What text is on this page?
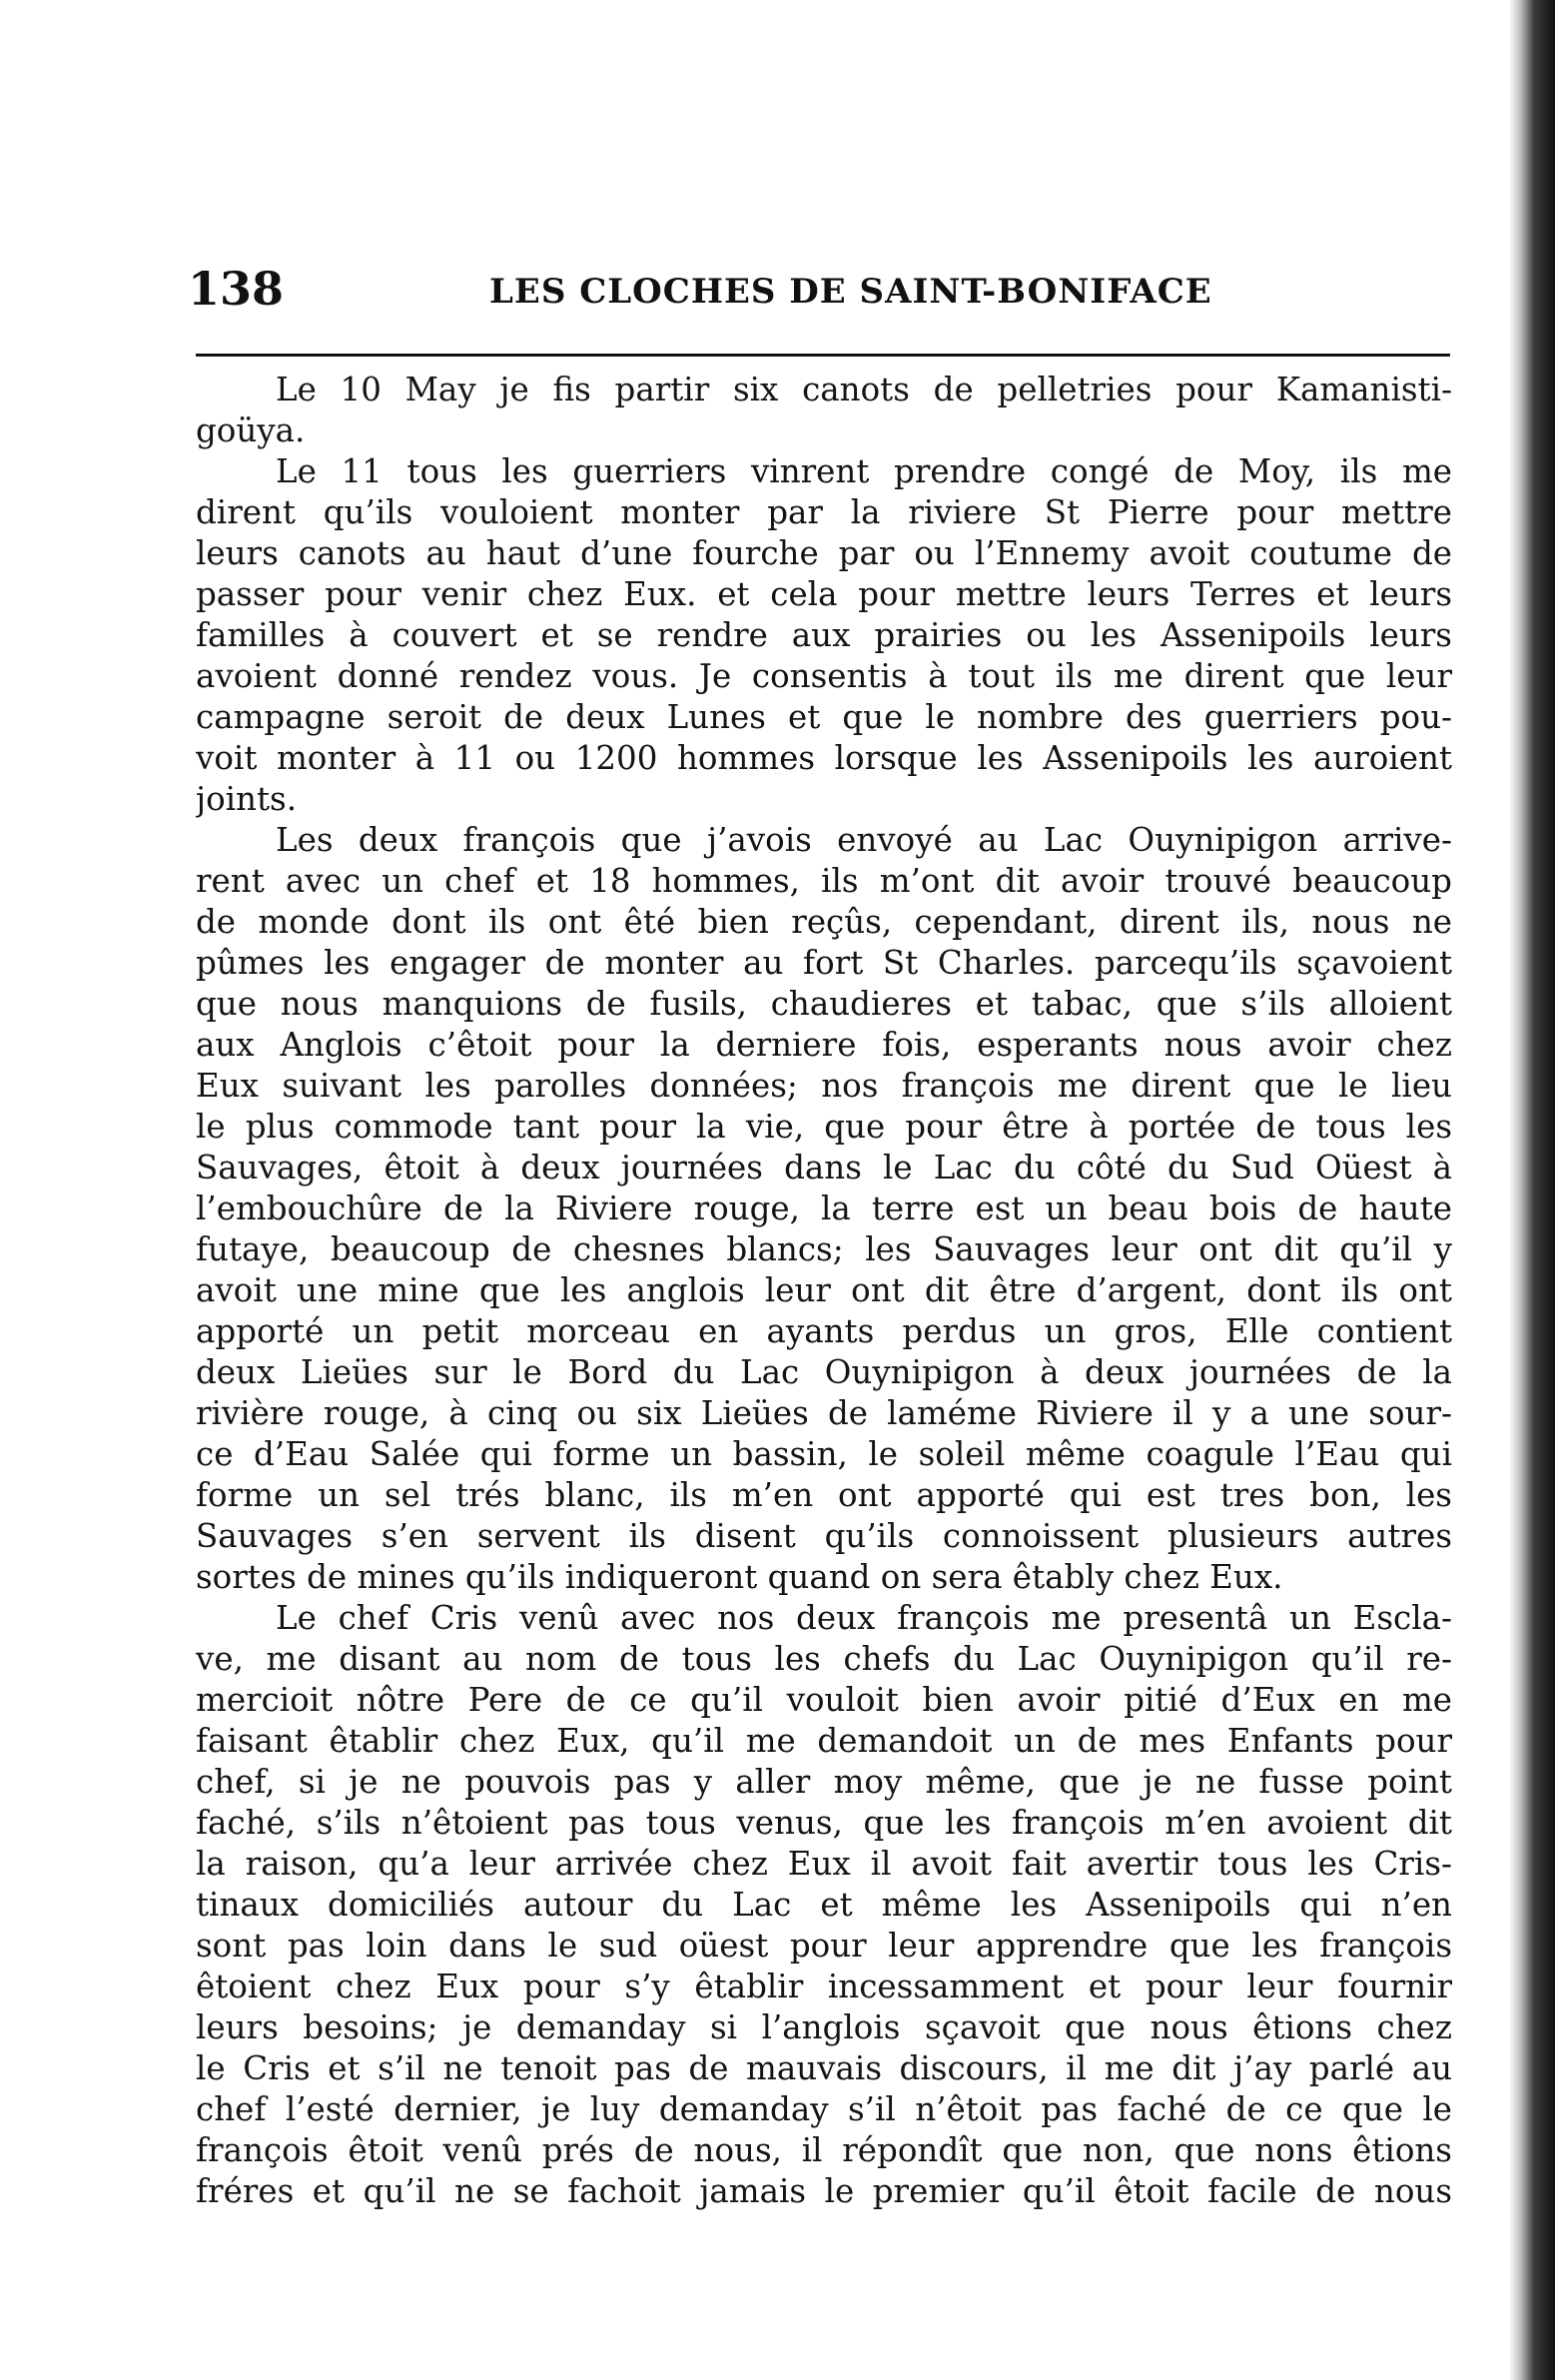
138	LES CLOCHES DE SAINT-BONIFACE
Le 10 May je fis partir six canots de pelletries pour Kamanisti-
goüya.
Le 11 tous les guerriers vinrent prendre congé de Moy, ils me
dirent qu’ils vouloient monter par la riviere St Pierre pour mettre
leurs canots au haut d’une fourche par ou l’Ennemy avoit coutume de
passer pour venir chez Eux. et cela pour mettre leurs Terres et leurs
familles à couvert et se rendre aux prairies ou les Assenipoils leurs
avoient donné rendez vous. Je consentis à tout ils me dirent que leur
campagne seroit de deux Lunes et que le nombre des guerriers pou-
voit monter à 11 ou 1200 hommes lorsque les Assenipoils les auroient
joints.
Les deux françois que j’avois envoyé au Lac Ouynipigon arrive-
rent avec un chef et 18 hommes, ils m’ont dit avoir trouvé beaucoup
de monde dont ils ont êté bien reçûs, cependant, dirent ils, nous ne
pûmes les engager de monter au fort St Charles. parcequ’ils sçavoient
que nous manquions de fusils, chaudieres et tabac, que s’ils alloient
aux Anglois c’êtoit pour la derniere fois, esperants nous avoir chez
Eux suivant les parolles données; nos françois me dirent que le lieu
le plus commode tant pour la vie, que pour être à portée de tous les
Sauvages, êtoit à deux journées dans le Lac du côté du Sud Oüest à
l’embouchûre de la Riviere rouge, la terre est un beau bois de haute
futaye, beaucoup de chesnes blancs; les Sauvages leur ont dit qu’il y
avoit une mine que les anglois leur ont dit être d’argent, dont ils ont
apporté un petit morceau en ayants perdus un gros, Elle contient
deux Lieües sur le Bord du Lac Ouynipigon à deux journées de la
rivière rouge, à cinq ou six Lieües de laméme Riviere il y a une sour-
ce d’Eau Salée qui forme un bassin, le soleil même coagule l’Eau qui
forme un sel trés blanc, ils m’en ont apporté qui est tres bon, les
Sauvages s’en servent ils disent qu’ils connoissent plusieurs autres
sortes de mines qu’ils indiqueront quand on sera êtably chez Eux.
Le chef Cris venû avec nos deux françois me presentâ un Escla-
ve, me disant au nom de tous les chefs du Lac Ouynipigon qu’il re-
mercioit nôtre Pere de ce qu’il vouloit bien avoir pitié d’Eux en me
faisant êtablir chez Eux, qu’il me demandoit un de mes Enfants pour
chef, si je ne pouvois pas y aller moy même, que je ne fusse point
faché, s’ils n’êtoient pas tous venus, que les françois m’en avoient dit
la raison, qu’a leur arrivée chez Eux il avoit fait avertir tous les Cris-
tinaux domiciliés autour du Lac et même les Assenipoils qui n’en
sont pas loin dans le sud oüest pour leur apprendre que les françois
êtoient chez Eux pour s’y êtablir incessamment et pour leur fournir
leurs besoins; je demanday si l’anglois sçavoit que nous êtions chez
le Cris et s’il ne tenoit pas de mauvais discours, il me dit j’ay parlé au
chef l’esté dernier, je luy demanday s’il n’êtoit pas faché de ce que le
françois êtoit venû prés de nous, il répondît que non, que nons êtions
fréres et qu’il ne se fachoit jamais le premier qu’il êtoit facile de nous
